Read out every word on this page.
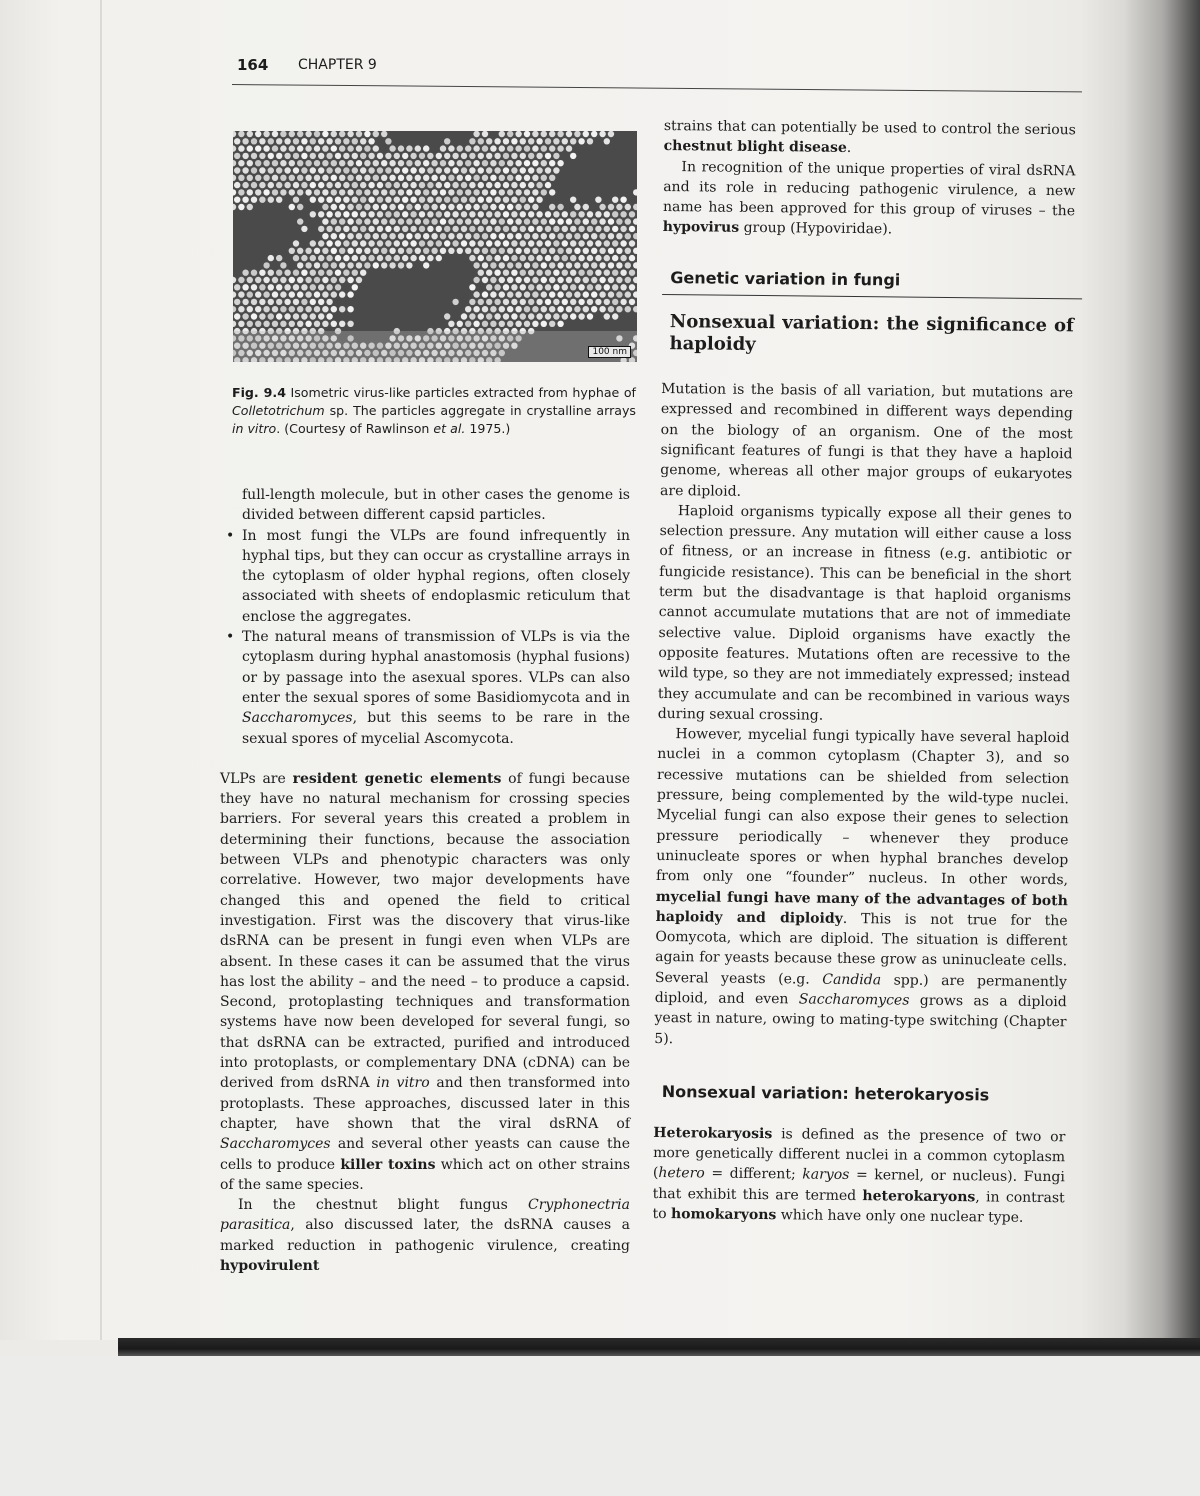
164 CHAPTER 9
100 nm
Fig. 9.4 Isometric virus-like particles extracted from hyphae of Colletotrichum sp. The particles aggregate in crystalline arrays in vitro. (Courtesy of Rawlinson et al. 1975.)

full-length molecule, but in other cases the genome is divided between different capsid particles.

• In most fungi the VLPs are found infrequently in hyphal tips, but they can occur as crystalline arrays in the cytoplasm of older hyphal regions, often closely associated with sheets of endoplasmic reticulum that enclose the aggregates.

• The natural means of transmission of VLPs is via the cytoplasm during hyphal anastomosis (hyphal fusions) or by passage into the asexual spores. VLPs can also enter the sexual spores of some Basidiomycota and in Saccharomyces, but this seems to be rare in the sexual spores of mycelial Ascomycota.

VLPs are resident genetic elements of fungi because they have no natural mechanism for crossing species barriers. For several years this created a problem in determining their functions, because the association between VLPs and phenotypic characters was only correlative. However, two major developments have changed this and opened the field to critical investigation. First was the discovery that virus-like dsRNA can be present in fungi even when VLPs are absent. In these cases it can be assumed that the virus has lost the ability – and the need – to produce a capsid. Second, protoplasting techniques and transformation systems have now been developed for several fungi, so that dsRNA can be extracted, purified and introduced into protoplasts, or complementary DNA (cDNA) can be derived from dsRNA in vitro and then transformed into protoplasts. These approaches, discussed later in this chapter, have shown that the viral dsRNA of Saccharomyces and several other yeasts can cause the cells to produce killer toxins which act on other strains of the same species.

In the chestnut blight fungus Cryphonectria parasitica, also discussed later, the dsRNA causes a marked reduction in pathogenic virulence, creating hypovirulent

strains that can potentially be used to control the serious chestnut blight disease.

In recognition of the unique properties of viral dsRNA and its role in reducing pathogenic virulence, a new name has been approved for this group of viruses – the hypovirus group (Hypoviridae).

Genetic variation in fungi
Nonsexual variation: the significance of haploidy

Mutation is the basis of all variation, but mutations are expressed and recombined in different ways depending on the biology of an organism. One of the most significant features of fungi is that they have a haploid genome, whereas all other major groups of eukaryotes are diploid.

Haploid organisms typically expose all their genes to selection pressure. Any mutation will either cause a loss of fitness, or an increase in fitness (e.g. antibiotic or fungicide resistance). This can be beneficial in the short term but the disadvantage is that haploid organisms cannot accumulate mutations that are not of immediate selective value. Diploid organisms have exactly the opposite features. Mutations often are recessive to the wild type, so they are not immediately expressed; instead they accumulate and can be recombined in various ways during sexual crossing.

However, mycelial fungi typically have several haploid nuclei in a common cytoplasm (Chapter 3), and so recessive mutations can be shielded from selection pressure, being complemented by the wild-type nuclei. Mycelial fungi can also expose their genes to selection pressure periodically – whenever they produce uninucleate spores or when hyphal branches develop from only one “founder” nucleus. In other words, mycelial fungi have many of the advantages of both haploidy and diploidy. This is not true for the Oomycota, which are diploid. The situation is different again for yeasts because these grow as uninucleate cells. Several yeasts (e.g. Candida spp.) are permanently diploid, and even Saccharomyces grows as a diploid yeast in nature, owing to mating-type switching (Chapter 5).

Nonsexual variation: heterokaryosis

Heterokaryosis is defined as the presence of two or more genetically different nuclei in a common cytoplasm (hetero = different; karyos = kernel, or nucleus). Fungi that exhibit this are termed heterokaryons, in contrast to homokaryons which have only one nuclear type.
